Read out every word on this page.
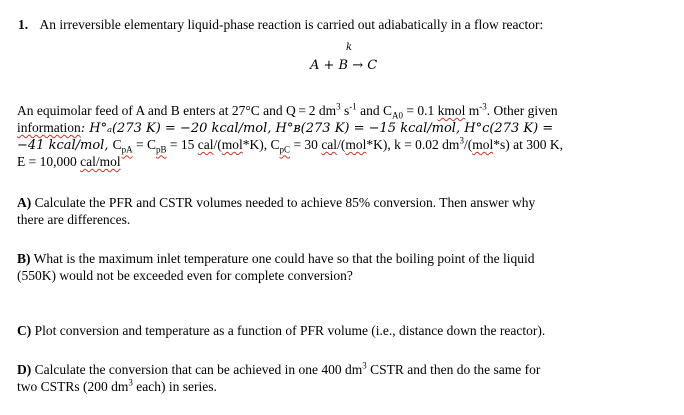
1. An irreversible elementary liquid-phase reaction is carried out adiabatically in a flow reactor:
k
A + B → C
An equimolar feed of A and B enters at 27°C and Q = 2 $dm^3$ $s^{-1}$ and $C_{A0} = 0.1$ kmol $m^{-3}$. Other given
information: H°ₐ(273 K) = −20 kcal/mol, H°ʙ(273 K) = −15 kcal/mol, H°ᴄ(273 K) =
−41 kcal/mol, $C_{pA} = C_{pB} = 15$ cal/(mol*K), $C_{pC} = 30$ cal/(mol*K), k = 0.02 $dm^3/(mol*s)$ at 300 K,
E = 10,000 cal/mol
A) Calculate the PFR and CSTR volumes needed to achieve 85% conversion. Then answer why
there are differences.
B) What is the maximum inlet temperature one could have so that the boiling point of the liquid
(550K) would not be exceeded even for complete conversion?
C) Plot conversion and temperature as a function of PFR volume (i.e., distance down the reactor).
D) Calculate the conversion that can be achieved in one 400 $dm^3$ CSTR and then do the same for
two CSTRs (200 $dm^3$ each) in series.
